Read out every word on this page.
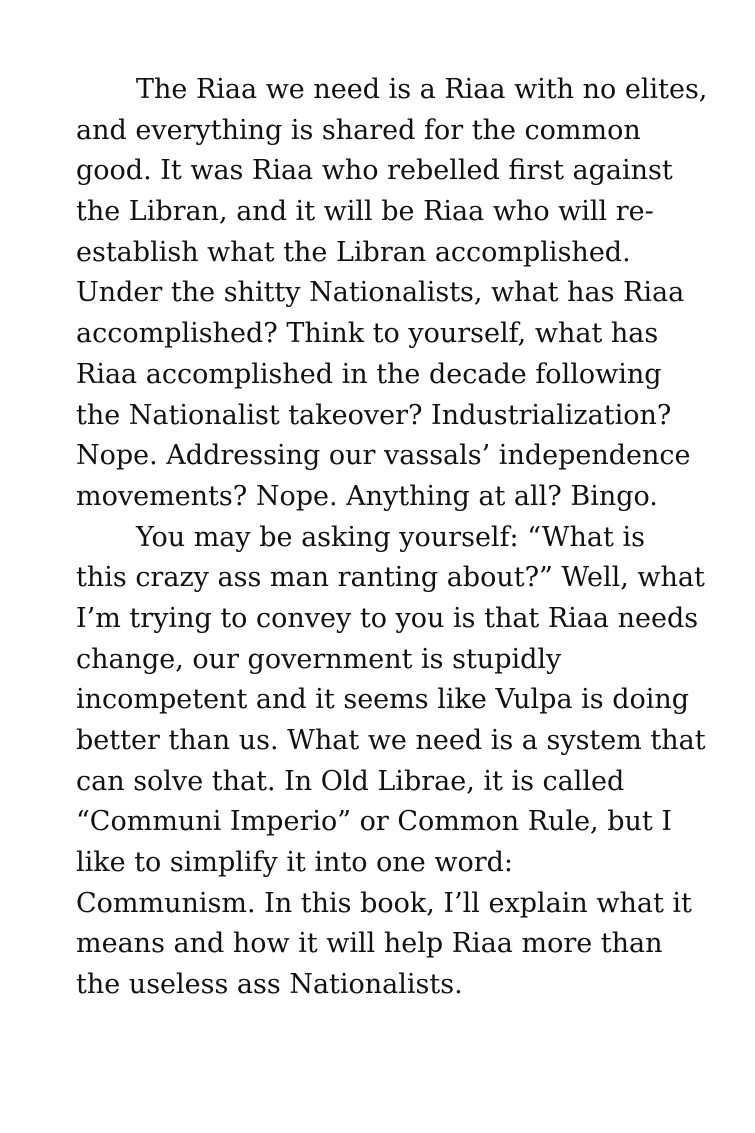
The Riaa we need is a Riaa with no elites,
and everything is shared for the common
good. It was Riaa who rebelled first against
the Libran, and it will be Riaa who will re-
establish what the Libran accomplished.
Under the shitty Nationalists, what has Riaa
accomplished? Think to yourself, what has
Riaa accomplished in the decade following
the Nationalist takeover? Industrialization?
Nope. Addressing our vassals’ independence
movements? Nope. Anything at all? Bingo.
You may be asking yourself: “What is
this crazy ass man ranting about?” Well, what
I’m trying to convey to you is that Riaa needs
change, our government is stupidly
incompetent and it seems like Vulpa is doing
better than us. What we need is a system that
can solve that. In Old Librae, it is called
“Communi Imperio” or Common Rule, but I
like to simplify it into one word:
Communism. In this book, I’ll explain what it
means and how it will help Riaa more than
the useless ass Nationalists.
